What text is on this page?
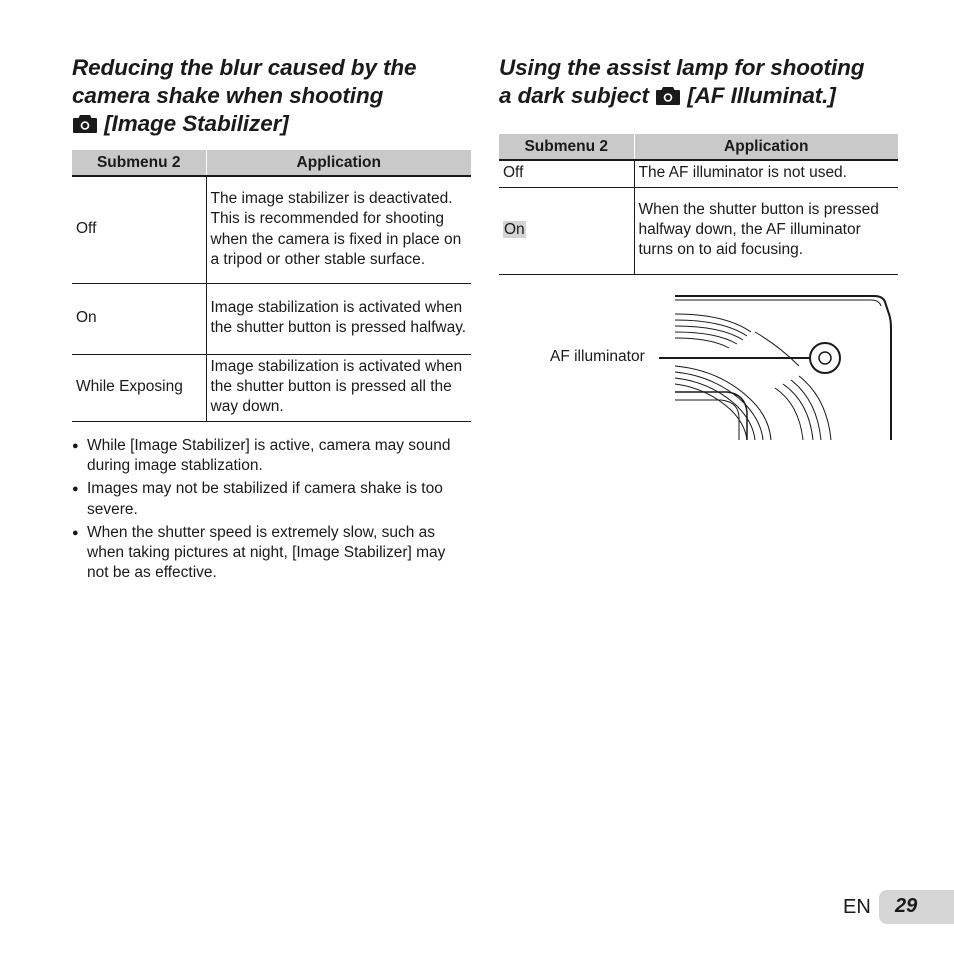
Reducing the blur caused by the
camera shake when shooting
[Image Stabilizer]
Submenu 2	Application
Off	The image stabilizer is deactivated. This is recommended for shooting when the camera is fixed in place on a tripod or other stable surface.
On	Image stabilization is activated when the shutter button is pressed halfway.
While Exposing	Image stabilization is activated when the shutter button is pressed all the way down.
● While [Image Stabilizer] is active, camera may sound during image stablization.
● Images may not be stabilized if camera shake is too severe.
● When the shutter speed is extremely slow, such as when taking pictures at night, [Image Stabilizer] may not be as effective.
Using the assist lamp for shooting
a dark subject [AF Illuminat.]
Submenu 2	Application
Off	The AF illuminator is not used.
On	When the shutter button is pressed halfway down, the AF illuminator turns on to aid focusing.
AF illuminator
EN 29
